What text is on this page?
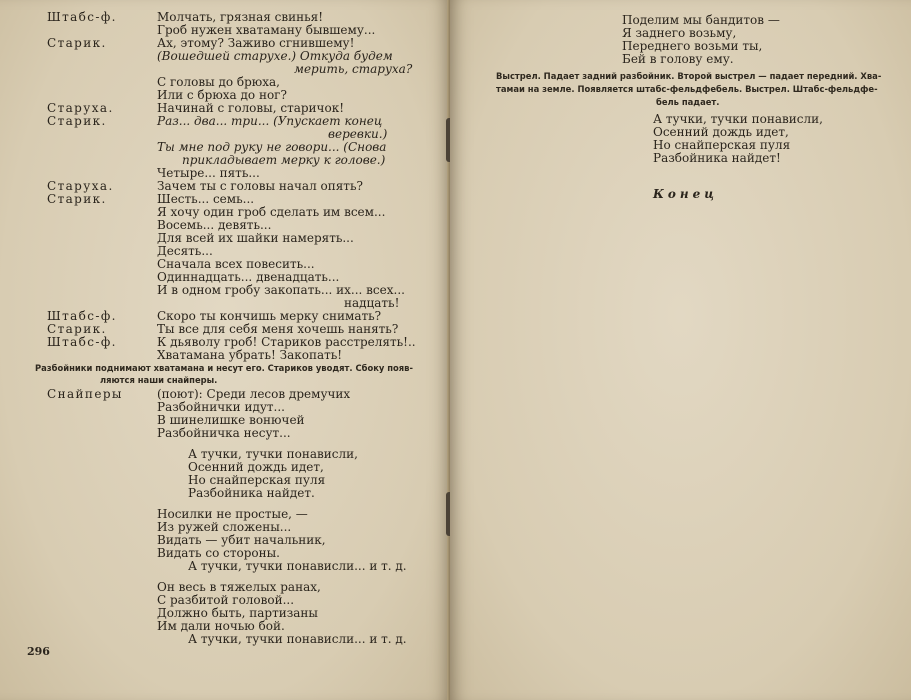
Штабс-ф.	Молчать, грязная свинья!
Гроб нужен хватаману бывшему...
Старик.	Ах, этому? Заживо сгнившему!
(Вошедшей старухе.) Откуда будем
мерить, старуха?
С головы до брюха,
Или с брюха до ног?
Старуха.	Начинай с головы, старичок!
Старик.	Раз... два... три... (Упускает конец
веревки.)
Ты мне под руку не говори... (Снова
прикладывает мерку к голове.)
Четыре... пять...
Старуха.	Зачем ты с головы начал опять?
Старик.	Шесть... семь...
Я хочу один гроб сделать им всем...
Восемь... девять...
Для всей их шайки намерять...
Десять...
Сначала всех повесить...
Одиннадцать... двенадцать...
И в одном гробу закопать... их... всех...
надцать!
Штабс-ф.	Скоро ты кончишь мерку снимать?
Старик.	Ты все для себя меня хочешь нанять?
Штабс-ф.	К дьяволу гроб! Стариков расстрелять!..
Хватамана убрать! Закопать!
Разбойники поднимают хватамана и несут его. Стариков уводят. Сбоку появ-
ляются наши снайперы.
Снайперы	(поют): Среди лесов дремучих
Разбойнички идут...
В шинелишке вонючей
Разбойничка несут...
А тучки, тучки понависли,
Осенний дождь идет,
Но снайперская пуля
Разбойника найдет.
Носилки не простые, —
Из ружей сложены...
Видать — убит начальник,
Видать со стороны.
А тучки, тучки понависли... и т. д.
Он весь в тяжелых ранах,
С разбитой головой...
Должно быть, партизаны
Им дали ночью бой.
А тучки, тучки понависли... и т. д.
296
Поделим мы бандитов —
Я заднего возьму,
Переднего возьми ты,
Бей в голову ему.
Выстрел. Падает задний разбойник. Второй выстрел — падает передний. Хва-
тамаи на земле. Появляется штабс-фельдфебель. Выстрел. Штабс-фельдфе-
бель падает.
А тучки, тучки понависли,
Осенний дождь идет,
Но снайперская пуля
Разбойника найдет!
Конец
